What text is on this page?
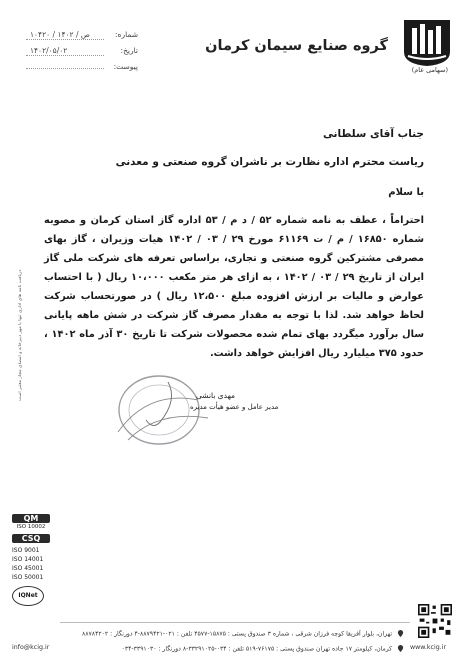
گروه صنایع سیمان کرمان
(سهامی عام)
شماره:
۱۰۴۲۰ / ص / ۱۴۰۲
تاریخ:
۱۴۰۲/۰۵/۰۲
پیوست:
جناب آقای سلطانی
ریاست محترم اداره نظارت بر ناشران گروه صنعتی و معدنی
با سلام
احتراماً ، عطف به نامه شماره ۵۲ / د م / ۵۳ اداره گاز استان کرمان و مصوبه شماره ۱۶۸۵۰ / م / ت ۶۱۱۶۹ مورخ ۲۹ / ۰۳ / ۱۴۰۲ هیات وزیران ، گاز بهای مصرفی مشترکین گروه صنعتی و تجاری، براساس تعرفه های شرکت ملی گاز ایران از تاریخ ۲۹ / ۰۳ / ۱۴۰۲ ، به ازای هر متر مکعب ۱۰،۰۰۰ ریال ( با احتساب عوارض و مالیات بر ارزش افزوده مبلغ ۱۲،۵۰۰ ریال ) در صورتحساب شرکت لحاظ خواهد شد. لذا با توجه به مقدار مصرف گاز شرکت در شش ماهه پایانی سال برآورد میگردد بهای تمام شده محصولات شرکت تا تاریخ ۳۰ آذر ماه ۱۴۰۲ ، حدود ۳۷۵ میلیارد ریال افزایش خواهد داشت.
مهدی بانشی
مدیر عامل و عضو هیأت مدیره
دریافت نامه های اداری تنها با مهر دبیرخانه و امضای مجاز معتبر است
QM
ISO 10002
CSQ
ISO 9001
ISO 14001
ISO 45001
ISO 50001
IQNet
تهران، بلوار آفریقا کوچه فرزان شرقی ، شماره ۳ صندوق پستی : ۱۵۸۷۵-۴۵۷۷ تلفن : ۰۲۱-۸۸۷۹۴۲۱-۴ دورنگار : ۸۸۷۸۴۲۰۲
کرمان، کیلومتر ۱۷ جاده تهران صندوق پستی : ۷۶۱۷۵-۵۱۹ تلفن : ۰۳۴-۳۳۲۹۱۰۲۵-۸ دورنگار : ۳۳۹۱۰۳۰-۰۳۴
info@kcig.ir	www.kcig.ir
